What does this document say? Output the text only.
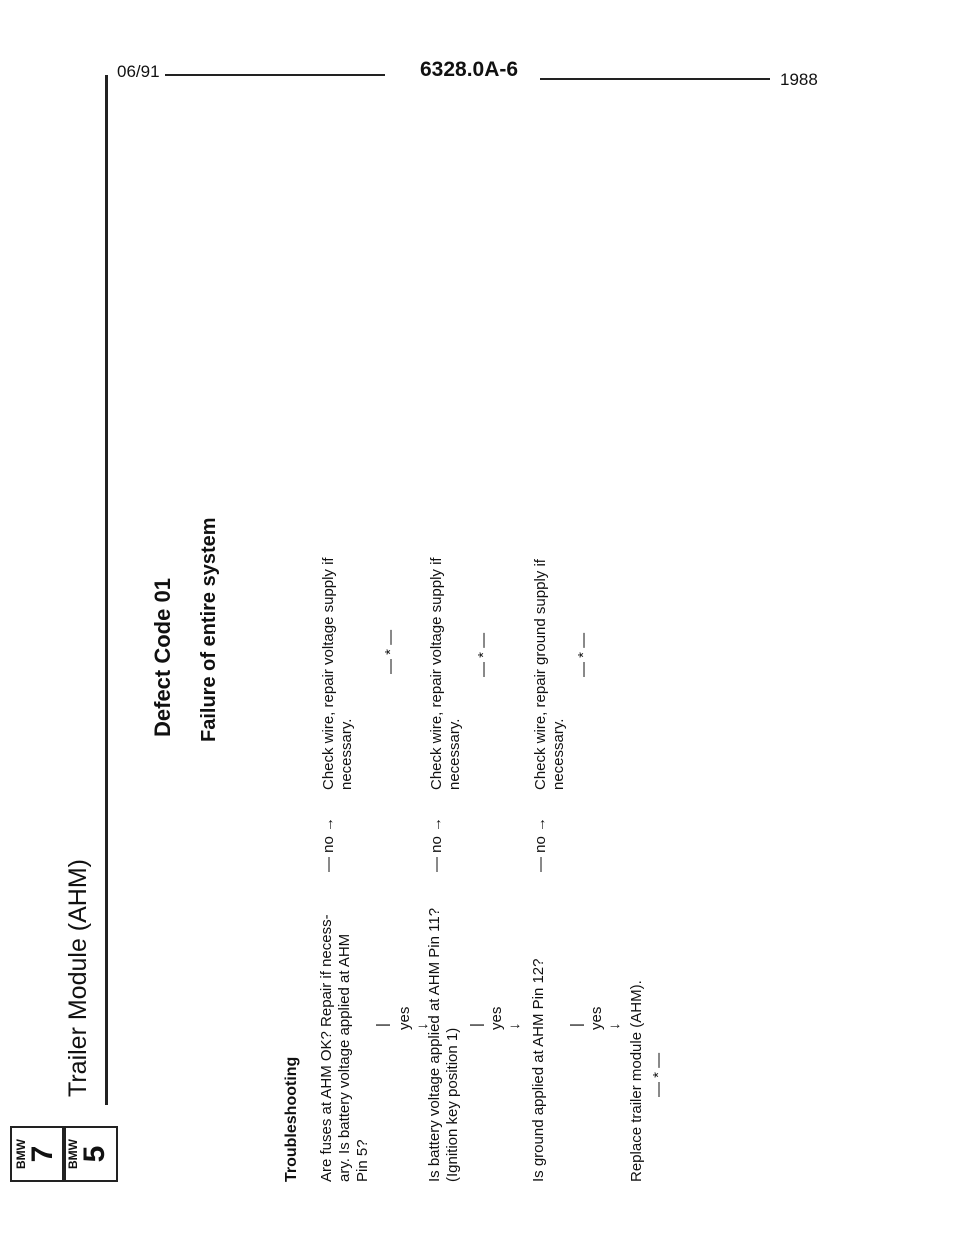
06/91	6328.0A-6	1988
BMW
5
BMW
7
Trailer Module (AHM)
Defect Code 01 Failure of entire system
Troubleshooting Are fuses at AHM OK? Repair if necess- ary. Is battery voltage applied at AHM Pin 5?
— no →
Check wire, repair voltage supply if necessary.
— * —
| yes ↓
Is battery voltage applied at AHM Pin 11? (Ignition key position 1)
— no →
Check wire, repair voltage supply if necessary.
— * —
| yes ↓ Is ground applied at AHM Pin 12?
— no →
Check wire, repair ground supply if necessary.
— * —
| yes ↓ Replace trailer module (AHM). — * —
